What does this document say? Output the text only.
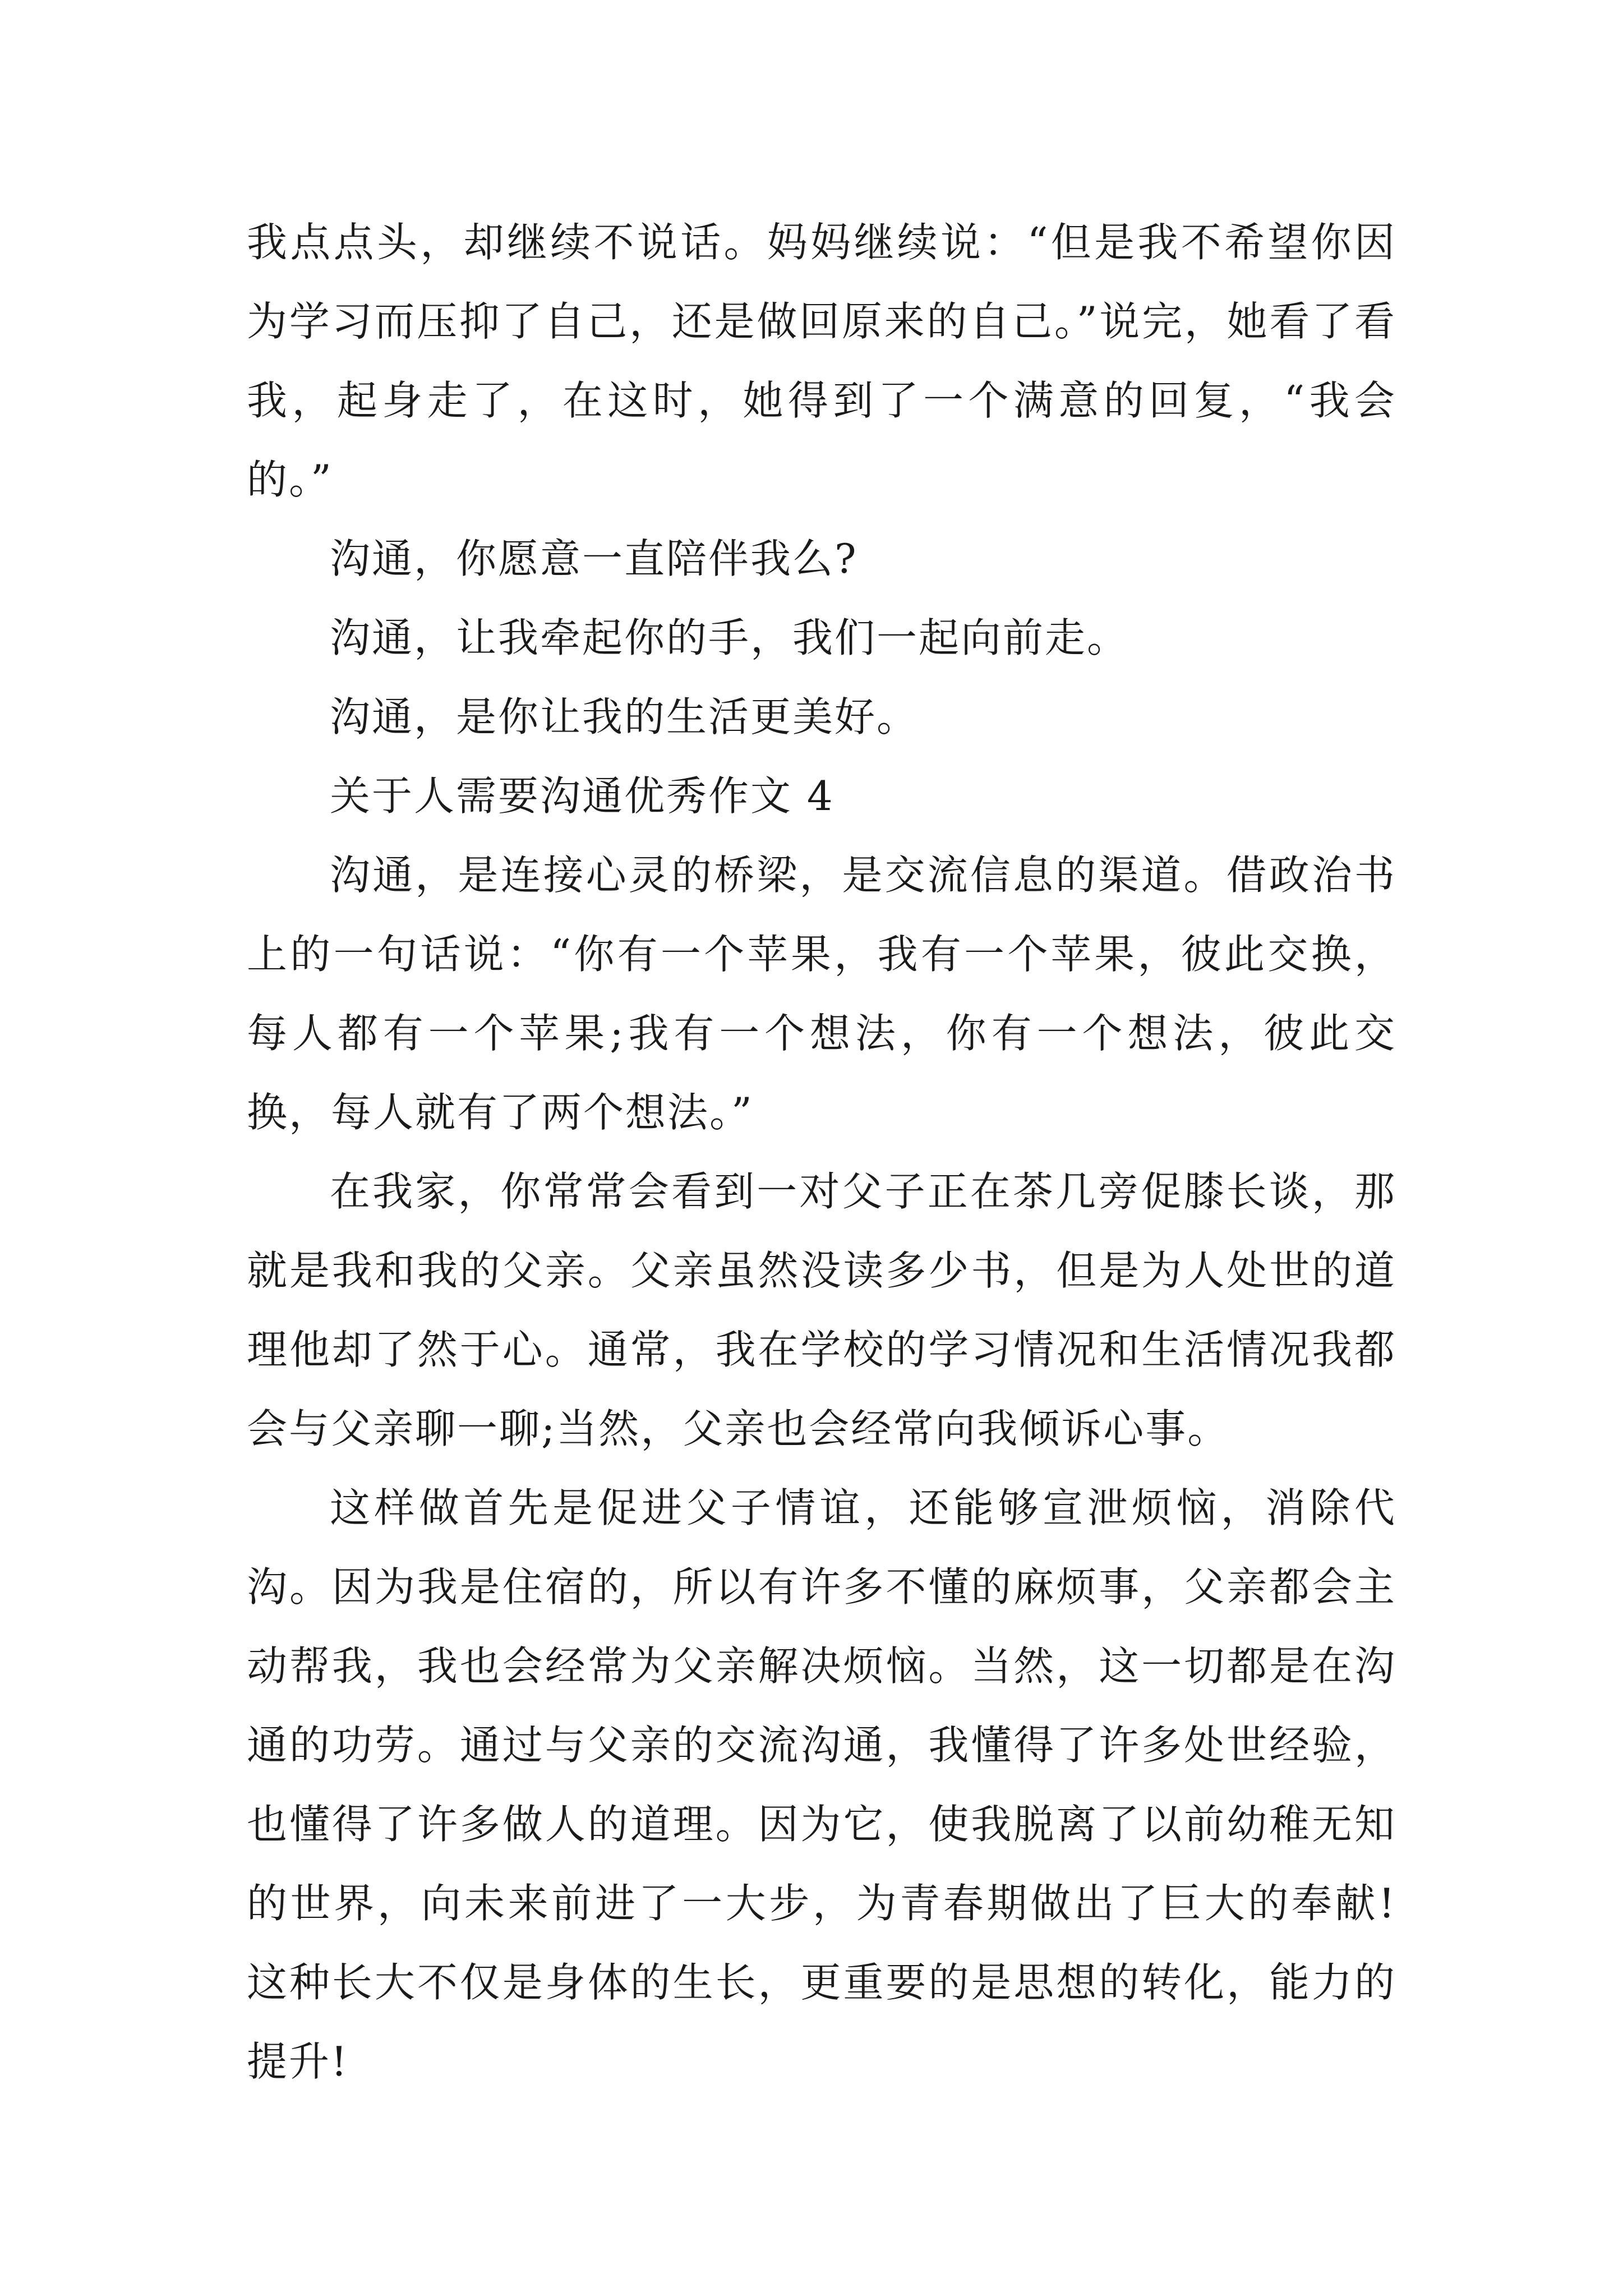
我点点头，却继续不说话。妈妈继续说：“但是我不希望你因为学习而压抑了自己，还是做回原来的自己。”说完，她看了看我，起身走了，在这时，她得到了一个满意的回复，“我会的。”

沟通，你愿意一直陪伴我么?

沟通，让我牵起你的手，我们一起向前走。

沟通，是你让我的生活更美好。

关于人需要沟通优秀作文 4

沟通，是连接心灵的桥梁，是交流信息的渠道。借政治书上的一句话说：“你有一个苹果，我有一个苹果，彼此交换，每人都有一个苹果;我有一个想法，你有一个想法，彼此交换，每人就有了两个想法。”

在我家，你常常会看到一对父子正在茶几旁促膝长谈，那就是我和我的父亲。父亲虽然没读多少书，但是为人处世的道理他却了然于心。通常，我在学校的学习情况和生活情况我都会与父亲聊一聊;当然，父亲也会经常向我倾诉心事。

这样做首先是促进父子情谊，还能够宣泄烦恼，消除代沟。因为我是住宿的，所以有许多不懂的麻烦事，父亲都会主动帮我，我也会经常为父亲解决烦恼。当然，这一切都是在沟通的功劳。通过与父亲的交流沟通，我懂得了许多处世经验，也懂得了许多做人的道理。因为它，使我脱离了以前幼稚无知的世界，向未来前进了一大步，为青春期做出了巨大的奉献!这种长大不仅是身体的生长，更重要的是思想的转化，能力的提升!
